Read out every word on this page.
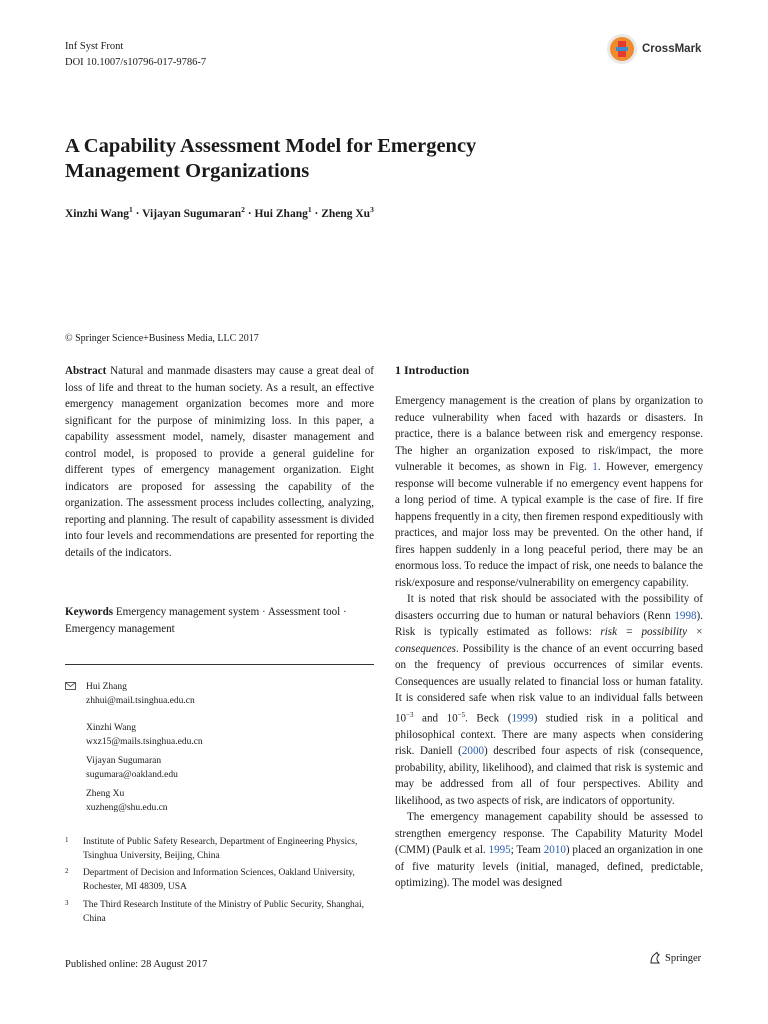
Inf Syst Front
DOI 10.1007/s10796-017-9786-7
CrossMark
A Capability Assessment Model for Emergency Management Organizations
Xinzhi Wang$^1$ · Vijayan Sugumaran$^2$ · Hui Zhang$^1$ · Zheng Xu$^3$
© Springer Science+Business Media, LLC 2017
Abstract Natural and manmade disasters may cause a great deal of loss of life and threat to the human society. As a result, an effective emergency management organization becomes more and more significant for the purpose of minimizing loss. In this paper, a capability assessment model, namely, disaster management and control model, is proposed to provide a general guideline for different types of emergency management organization. Eight indicators are proposed for assessing the capability of the organization. The assessment process includes collecting, analyzing, reporting and planning. The result of capability assessment is divided into four levels and recommendations are presented for reporting the details of the indicators.
Keywords Emergency management system · Assessment tool · Emergency management
Hui Zhang
zhhui@mail.tsinghua.edu.cn
Xinzhi Wang
wxz15@mails.tsinghua.edu.cn
Vijayan Sugumaran
sugumara@oakland.edu
Zheng Xu
xuzheng@shu.edu.cn
1	Institute of Public Safety Research, Department of Engineering Physics, Tsinghua University, Beijing, China
2	Department of Decision and Information Sciences, Oakland University, Rochester, MI 48309, USA
3	The Third Research Institute of the Ministry of Public Security, Shanghai, China
Published online: 28 August 2017
Springer
1 Introduction

Emergency management is the creation of plans by organization to reduce vulnerability when faced with hazards or disasters. In practice, there is a balance between risk and emergency response. The higher an organization exposed to risk/impact, the more vulnerable it becomes, as shown in Fig. 1. However, emergency response will become vulnerable if no emergency event happens for a long period of time. A typical example is the case of fire. If fire happens frequently in a city, then firemen respond expeditiously with practices, and major loss may be prevented. On the other hand, if fires happen suddenly in a long peaceful period, there may be an enormous loss. To reduce the impact of risk, one needs to balance the risk/exposure and response/vulnerability on emergency capability.

It is noted that risk should be associated with the possibility of disasters occurring due to human or natural behaviors (Renn 1998). Risk is typically estimated as follows: risk = possibility × consequences. Possibility is the chance of an event occurring based on the frequency of previous occurrences of similar events. Consequences are usually related to financial loss or human fatality. It is considered safe when risk value to an individual falls between $10^{-3}$ and $10^{-5}$. Beck (1999) studied risk in a political and philosophical context. There are many aspects when considering risk. Daniell (2000) described four aspects of risk (consequence, probability, ability, likelihood), and claimed that risk is systemic and may be addressed from all of four perspectives. Ability and likelihood, as two aspects of risk, are indicators of opportunity.

The emergency management capability should be assessed to strengthen emergency response. The Capability Maturity Model (CMM) (Paulk et al. 1995; Team 2010) placed an organization in one of five maturity levels (initial, managed, defined, predictable, optimizing). The model was designed
